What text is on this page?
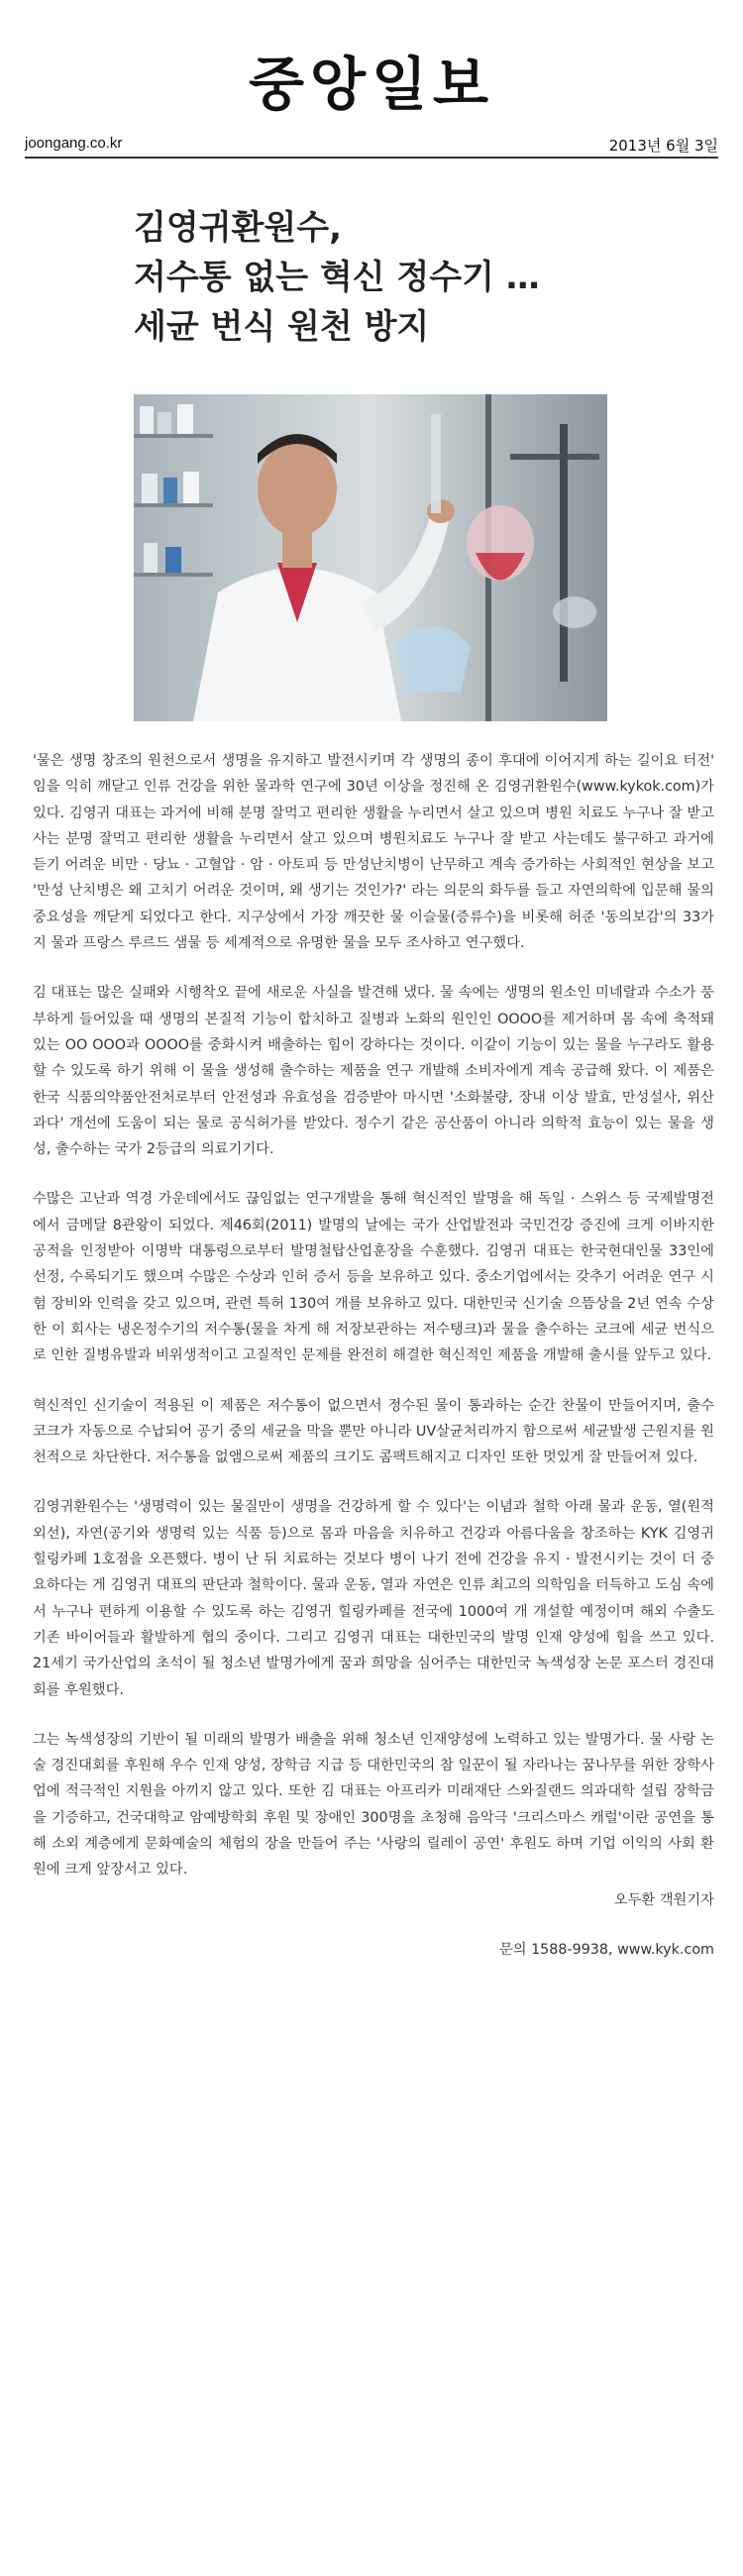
중앙일보
joongang.co.kr	2013년 6월 3일
김영귀환원수,
저수통 없는 혁신 정수기 …
세균 번식 원천 방지

'물은 생명 창조의 원천으로서 생명을 유지하고 발전시키며 각 생명의 종이 후대에 이어지게 하는 길이요 터전' 임을 익히 깨닫고 인류 건강을 위한 물과학 연구에 30년 이상을 정진해 온 김영귀환원수(www.kykok.com)가 있다. 김영귀 대표는 과거에 비해 분명 잘먹고 편리한 생활을 누리면서 살고 있으며 병원 치료도 누구나 잘 받고 사는 분명 잘먹고 편리한 생활을 누리면서 살고 있으며 병원치료도 누구나 잘 받고 사는데도 불구하고 과거에 듣기 어려운 비만 · 당뇨 · 고혈압 · 암 · 아토피 등 만성난치병이 난무하고 계속 증가하는 사회적인 현상을 보고 '만성 난치병은 왜 고치기 어려운 것이며, 왜 생기는 것인가?' 라는 의문의 화두를 들고 자연의학에 입문해 물의 중요성을 깨닫게 되었다고 한다. 지구상에서 가장 깨끗한 물 이슬물(증류수)을 비롯해 허준 '동의보감'의 33가지 물과 프랑스 루르드 샘물 등 세계적으로 유명한 물을 모두 조사하고 연구했다.

김 대표는 많은 실패와 시행착오 끝에 새로운 사실을 발견해 냈다. 물 속에는 생명의 원소인 미네랄과 수소가 풍부하게 들어있을 때 생명의 본질적 기능이 합치하고 질병과 노화의 원인인 OOOO를 제거하며 몸 속에 축적돼 있는 OO OOO과 OOOO를 중화시켜 배출하는 힘이 강하다는 것이다. 이같이 기능이 있는 물을 누구라도 활용할 수 있도록 하기 위해 이 물을 생성해 출수하는 제품을 연구 개발해 소비자에게 계속 공급해 왔다. 이 제품은 한국 식품의약품안전처로부터 안전성과 유효성을 검증받아 마시면 '소화불량, 장내 이상 발효, 만성설사, 위산과다' 개선에 도움이 되는 물로 공식허가를 받았다. 정수기 같은 공산품이 아니라 의학적 효능이 있는 물을 생성, 출수하는 국가 2등급의 의료기기다.

수많은 고난과 역경 가운데에서도 끊임없는 연구개발을 통해 혁신적인 발명을 해 독일 · 스위스 등 국제발명전에서 금메달 8관왕이 되었다. 제46회(2011) 발명의 날에는 국가 산업발전과 국민건강 증진에 크게 이바지한 공적을 인정받아 이명박 대통령으로부터 발명철탑산업훈장을 수훈했다. 김영귀 대표는 한국현대인물 33인에 선정, 수록되기도 했으며 수많은 수상과 인허 증서 등을 보유하고 있다. 중소기업에서는 갖추기 어려운 연구 시험 장비와 인력을 갖고 있으며, 관련 특허 130여 개를 보유하고 있다. 대한민국 신기술 으뜸상을 2년 연속 수상한 이 회사는 냉온정수기의 저수통(물을 차게 해 저장보관하는 저수탱크)과 물을 출수하는 코크에 세균 번식으로 인한 질병유발과 비위생적이고 고질적인 문제를 완전히 해결한 혁신적인 제품을 개발해 출시를 앞두고 있다.

혁신적인 신기술이 적용된 이 제품은 저수통이 없으면서 정수된 물이 통과하는 순간 찬물이 만들어지며, 출수 코크가 자동으로 수납되어 공기 중의 세균을 막을 뿐만 아니라 UV살균처리까지 함으로써 세균발생 근원지를 원천적으로 차단한다. 저수통을 없앰으로써 제품의 크기도 콤팩트해지고 디자인 또한 멋있게 잘 만들어져 있다.

김영귀환원수는 '생명력이 있는 물질만이 생명을 건강하게 할 수 있다'는 이념과 철학 아래 물과 운동, 열(원적외선), 자연(공기와 생명력 있는 식품 등)으로 몸과 마음을 치유하고 건강과 아름다움을 창조하는 KYK 김영귀 힐링카페 1호점을 오픈했다. 병이 난 뒤 치료하는 것보다 병이 나기 전에 건강을 유지 · 발전시키는 것이 더 중요하다는 게 김영귀 대표의 판단과 철학이다. 물과 운동, 열과 자연은 인류 최고의 의학임을 터득하고 도심 속에서 누구나 편하게 이용할 수 있도록 하는 김영귀 힐링카페를 전국에 1000여 개 개설할 예정이며 해외 수출도 기존 바이어들과 활발하게 협의 중이다. 그리고 김영귀 대표는 대한민국의 발명 인재 양성에 힘을 쓰고 있다. 21세기 국가산업의 초석이 될 청소년 발명가에게 꿈과 희망을 심어주는 대한민국 녹색성장 논문 포스터 경진대회를 후원했다.

그는 녹색성장의 기반이 될 미래의 발명가 배출을 위해 청소년 인재양성에 노력하고 있는 발명가다. 물 사랑 논술 경진대회를 후원해 우수 인재 양성, 장학금 지급 등 대한민국의 참 일꾼이 될 자라나는 꿈나무를 위한 장학사업에 적극적인 지원을 아끼지 않고 있다. 또한 김 대표는 아프리카 미래재단 스와질랜드 의과대학 설립 장학금을 기증하고, 건국대학교 암예방학회 후원 및 장애인 300명을 초청해 음악극 '크리스마스 캐럴'이란 공연을 통해 소외 계층에게 문화예술의 체험의 장을 만들어 주는 '사랑의 릴레이 공연' 후원도 하며 기업 이익의 사회 환원에 크게 앞장서고 있다.

오두환 객원기자

문의 1588-9938, www.kyk.com
